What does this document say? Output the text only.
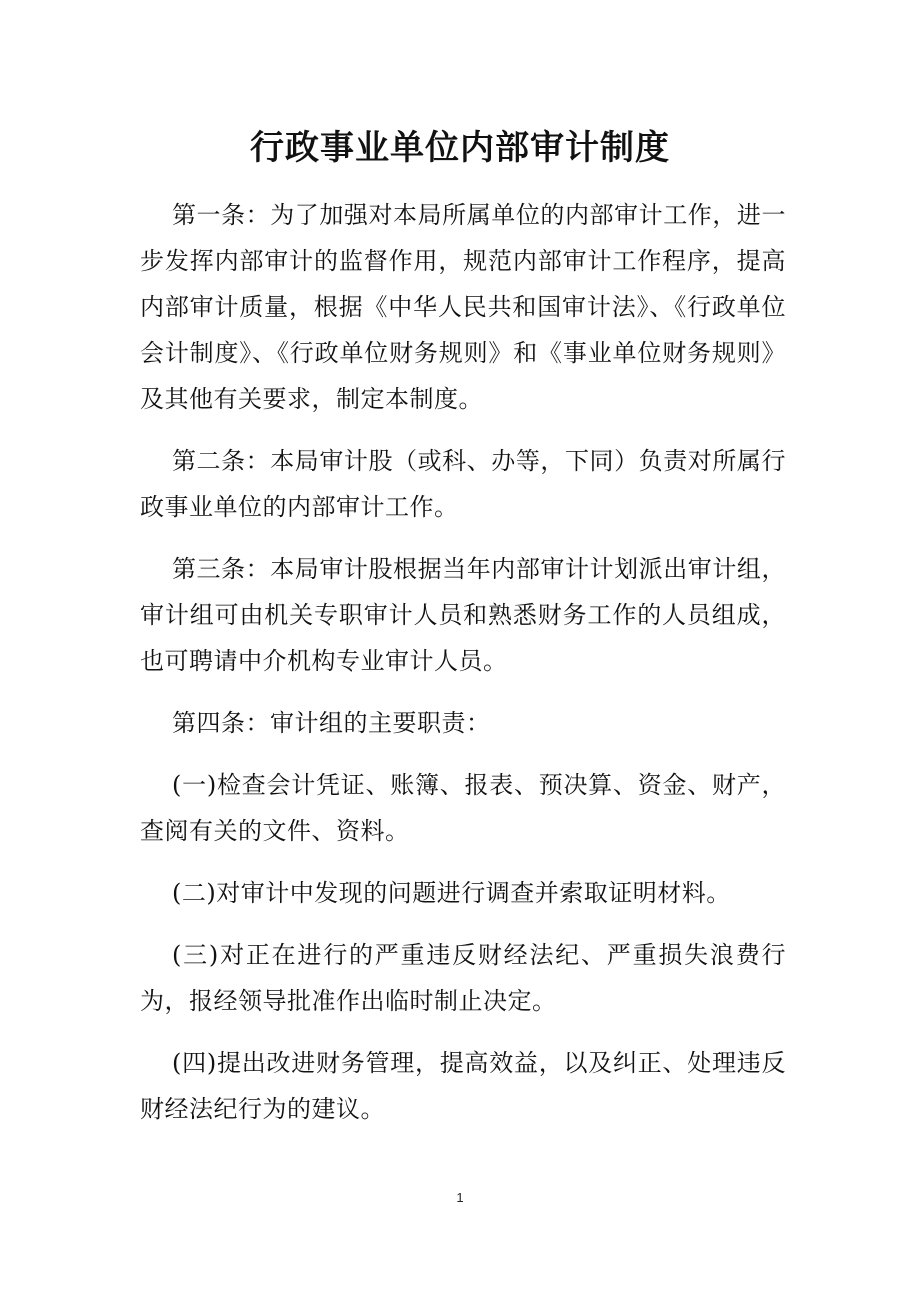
行政事业单位内部审计制度

第一条：为了加强对本局所属单位的内部审计工作，进一步发挥内部审计的监督作用，规范内部审计工作程序，提高内部审计质量，根据《中华人民共和国审计法》、《行政单位会计制度》、《行政单位财务规则》和《事业单位财务规则》及其他有关要求，制定本制度。

第二条：本局审计股（或科、办等，下同）负责对所属行政事业单位的内部审计工作。

第三条：本局审计股根据当年内部审计计划派出审计组，审计组可由机关专职审计人员和熟悉财务工作的人员组成，也可聘请中介机构专业审计人员。

第四条：审计组的主要职责：

(一)检查会计凭证、账簿、报表、预决算、资金、财产，查阅有关的文件、资料。

(二)对审计中发现的问题进行调查并索取证明材料。

(三)对正在进行的严重违反财经法纪、严重损失浪费行为，报经领导批准作出临时制止决定。

(四)提出改进财务管理，提高效益，以及纠正、处理违反财经法纪行为的建议。

1
